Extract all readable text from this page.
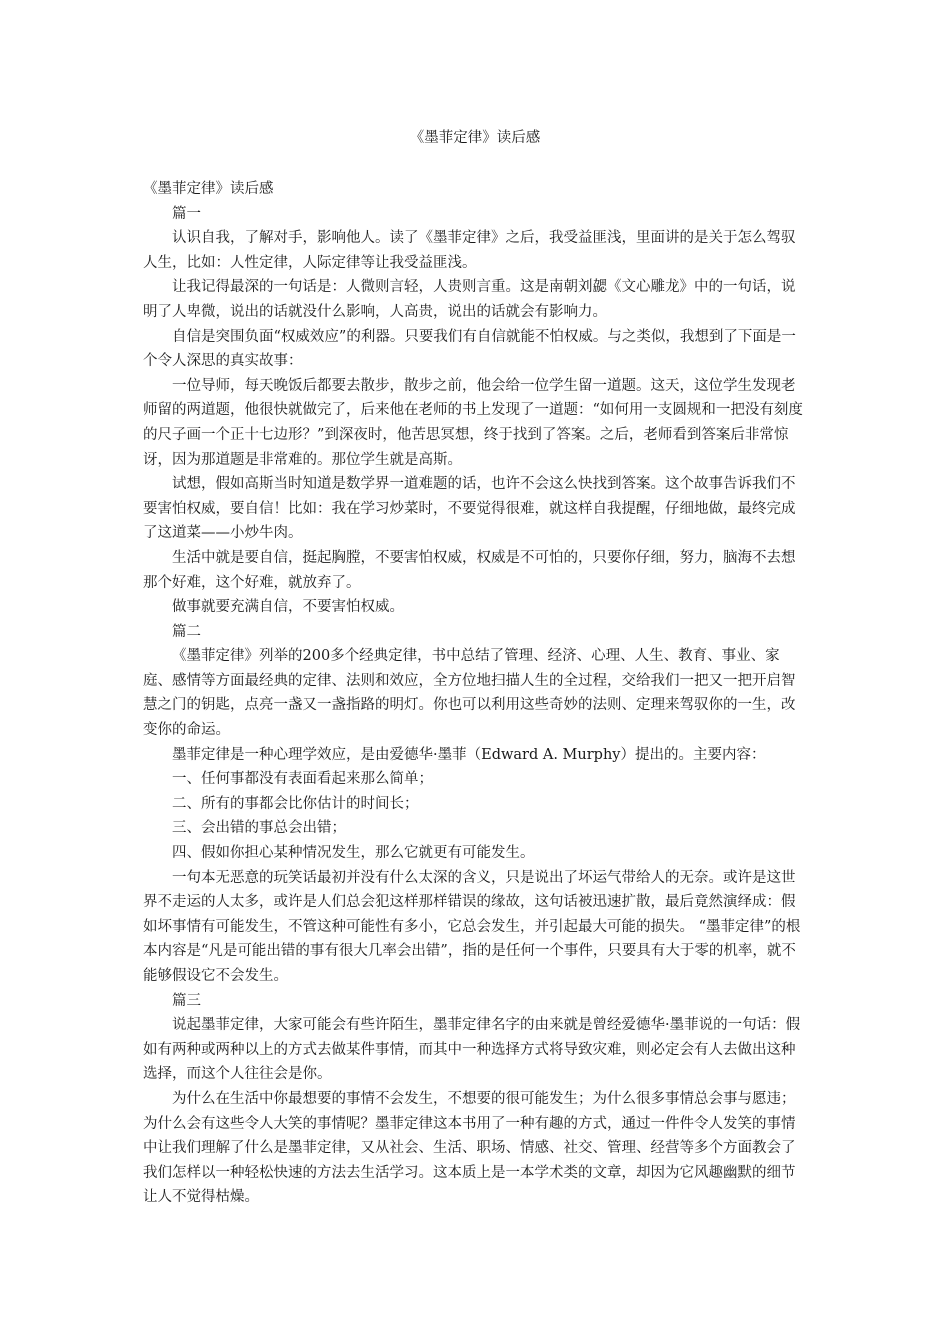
《墨菲定律》读后感

《墨菲定律》读后感

篇一

认识自我，了解对手，影响他人。读了《墨菲定律》之后，我受益匪浅，里面讲的是关于怎么驾驭人生，比如：人性定律，人际定律等让我受益匪浅。

让我记得最深的一句话是：人微则言轻，人贵则言重。这是南朝刘勰《文心雕龙》中的一句话，说明了人卑微，说出的话就没什么影响，人高贵，说出的话就会有影响力。

自信是突围负面“权威效应”的利器。只要我们有自信就能不怕权威。与之类似，我想到了下面是一个令人深思的真实故事：

一位导师，每天晚饭后都要去散步，散步之前，他会给一位学生留一道题。这天，这位学生发现老师留的两道题，他很快就做完了，后来他在老师的书上发现了一道题：“如何用一支圆规和一把没有刻度的尺子画一个正十七边形？”到深夜时，他苦思冥想，终于找到了答案。之后，老师看到答案后非常惊讶，因为那道题是非常难的。那位学生就是高斯。

试想，假如高斯当时知道是数学界一道难题的话，也许不会这么快找到答案。这个故事告诉我们不要害怕权威，要自信！比如：我在学习炒菜时，不要觉得很难，就这样自我提醒，仔细地做，最终完成了这道菜——小炒牛肉。

生活中就是要自信，挺起胸膛，不要害怕权威，权威是不可怕的，只要你仔细，努力，脑海不去想那个好难，这个好难，就放弃了。

做事就要充满自信，不要害怕权威。

篇二

《墨菲定律》列举的200多个经典定律，书中总结了管理、经济、心理、人生、教育、事业、家庭、感情等方面最经典的定律、法则和效应，全方位地扫描人生的全过程，交给我们一把又一把开启智慧之门的钥匙，点亮一盏又一盏指路的明灯。你也可以利用这些奇妙的法则、定理来驾驭你的一生，改变你的命运。

墨菲定律是一种心理学效应，是由爱德华·墨菲（Edward A. Murphy）提出的。主要内容：

一、任何事都没有表面看起来那么简单；

二、所有的事都会比你估计的时间长；

三、会出错的事总会出错；

四、假如你担心某种情况发生，那么它就更有可能发生。

一句本无恶意的玩笑话最初并没有什么太深的含义，只是说出了坏运气带给人的无奈。或许是这世界不走运的人太多，或许是人们总会犯这样那样错误的缘故，这句话被迅速扩散，最后竟然演绎成：假如坏事情有可能发生，不管这种可能性有多小，它总会发生，并引起最大可能的损失。 “墨菲定律”的根本内容是“凡是可能出错的事有很大几率会出错”，指的是任何一个事件，只要具有大于零的机率，就不能够假设它不会发生。

篇三

说起墨菲定律，大家可能会有些许陌生，墨菲定律名字的由来就是曾经爱德华·墨菲说的一句话：假如有两种或两种以上的方式去做某件事情，而其中一种选择方式将导致灾难，则必定会有人去做出这种选择，而这个人往往会是你。

为什么在生活中你最想要的事情不会发生，不想要的很可能发生；为什么很多事情总会事与愿违；为什么会有这些令人大笑的事情呢？墨菲定律这本书用了一种有趣的方式，通过一件件令人发笑的事情中让我们理解了什么是墨菲定律，又从社会、生活、职场、情感、社交、管理、经营等多个方面教会了我们怎样以一种轻松快速的方法去生活学习。这本质上是一本学术类的文章，却因为它风趣幽默的细节让人不觉得枯燥。
